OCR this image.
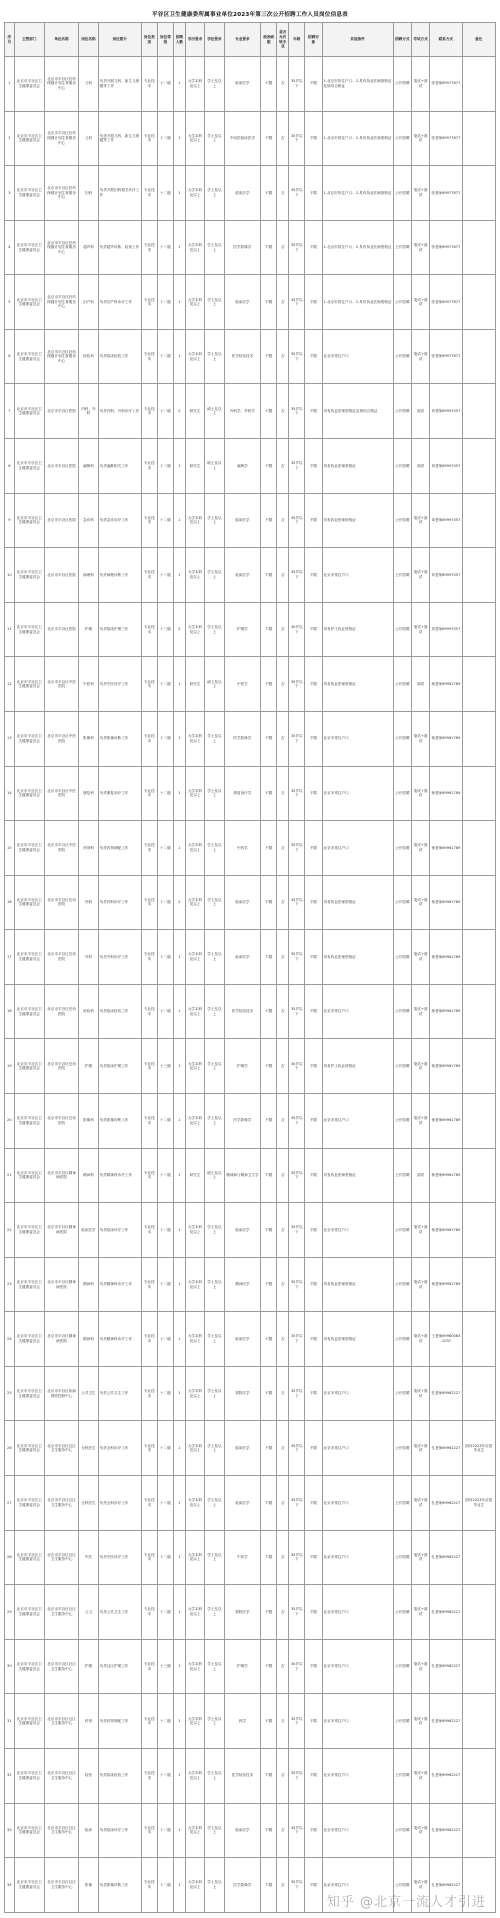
平谷区卫生健康委所属事业单位2023年第三次公开招聘工作人员岗位信息表
序号	主管部门	单位名称	岗位名称	岗位简介	岗位类别	岗位等级	招聘人数	学历要求	学位要求	专业要求	政治面貌	是否允许转专业	年龄	招聘对象	其他条件	招聘方式	考试方式	联系方式	备注
1	北京市平谷区卫生健康委员会	北京市平谷区妇幼保健计划生育服务中心	儿科	负责开展儿科、新生儿保健等工作	专业技术	十二级	1	大学本科及以上	学士及以上	临床医学	不限	否	35岁以下	不限	1.北京市常住户口；2.具有执业医师资格证及规培合格证	公开招聘	笔试+面试	张老师69977877	
2	北京市平谷区卫生健康委员会	北京市平谷区妇幼保健计划生育服务中心	儿科	负责开展儿科、新生儿保健等工作	专业技术	十二级	1	大学本科及以上	学士及以上	中西医临床医学	不限	否	35岁以下	不限	1.北京市常住户口；2.具有执业医师资格证	公开招聘	笔试+面试	张老师69977877	
3	北京市平谷区卫生健康委员会	北京市平谷区妇幼保健计划生育服务中心	妇科	负责开展妇科相关诊疗工作	专业技术	十二级	1	大学本科及以上	学士及以上	临床医学	不限	否	35岁以下	不限	1.北京市常住户口；2.具有执业医师资格证	公开招聘	笔试+面试	张老师69977877	
4	北京市平谷区卫生健康委员会	北京市平谷区妇幼保健计划生育服务中心	超声科	负责超声诊断、检查工作	专业技术	十二级	1	大学本科及以上	学士及以上	医学影像学	不限	否	35岁以下	不限	1.北京市常住户口；2.具有执业医师资格证	公开招聘	笔试+面试	张老师69977877	
5	北京市平谷区卫生健康委员会	北京市平谷区妇幼保健计划生育服务中心	妇产科	负责妇产科诊疗工作	专业技术	十二级	1	大学本科及以上	学士及以上	临床医学	不限	否	35岁以下	不限	1.北京市常住户口；2.具有执业医师资格证	公开招聘	笔试+面试	张老师69977877	
6	北京市平谷区卫生健康委员会	北京市平谷区妇幼保健计划生育服务中心	检验科	负责临床检验工作	专业技术	十二级	1	大学本科及以上	学士及以上	医学检验技术	不限	否	35岁以下	不限	北京市常住户口	公开招聘	笔试+面试	张老师69977877	
7	北京市平谷区卫生健康委员会	北京市平谷区医院	内科、外科	负责内科、外科诊疗工作	专业技术	十二级	2	研究生	硕士及以上	内科学、外科学	不限	否	35岁以下	不限	具有执业医师资格证及规培合格证	公开招聘	面试	刘老师89997057	
8	北京市平谷区卫生健康委员会	北京市平谷区医院	麻醉科	负责麻醉相关工作	专业技术	十二级	1	研究生	硕士及以上	麻醉学	不限	否	35岁以下	不限	具有执业医师资格证	公开招聘	面试	刘老师89997057	
9	北京市平谷区卫生健康委员会	北京市平谷区医院	急诊科	负责急诊诊疗工作	专业技术	十二级	1	大学本科及以上	学士及以上	临床医学	不限	否	35岁以下	不限	具有执业医师资格证	公开招聘	笔试+面试	刘老师89997057	
10	北京市平谷区卫生健康委员会	北京市平谷区医院	病理科	负责病理诊断工作	专业技术	十二级	1	大学本科及以上	学士及以上	临床医学	不限	否	35岁以下	不限	北京市常住户口	公开招聘	笔试+面试	刘老师89997057	
11	北京市平谷区卫生健康委员会	北京市平谷区医院	护理	负责临床护理工作	专业技术	十三级	2	大学本科及以上	学士及以上	护理学	不限	否	30岁以下	不限	具有护士执业资格证	公开招聘	笔试+面试	刘老师89997057	
12	北京市平谷区卫生健康委员会	北京市平谷区中医医院	中医科	负责中医诊疗工作	专业技术	十二级	1	研究生	硕士及以上	中医学	不限	否	35岁以下	不限	具有执业医师资格证	公开招聘	面试	杨老师69961789	
13	北京市平谷区卫生健康委员会	北京市平谷区中医医院	影像科	负责影像诊断工作	专业技术	十二级	1	大学本科及以上	学士及以上	医学影像学	不限	否	35岁以下	不限	北京市常住户口	公开招聘	笔试+面试	杨老师69961789	
14	北京市平谷区卫生健康委员会	北京市平谷区中医医院	康复科	负责康复治疗工作	专业技术	十二级	1	大学本科及以上	学士及以上	康复治疗学	不限	否	35岁以下	不限	北京市常住户口	公开招聘	笔试+面试	杨老师69961789	
15	北京市平谷区卫生健康委员会	北京市平谷区中医医院	药剂科	负责药剂调配工作	专业技术	十二级	1	大学本科及以上	学士及以上	中药学	不限	否	35岁以下	不限	北京市常住户口	公开招聘	笔试+面试	杨老师69961789	
16	北京市平谷区卫生健康委员会	北京市平谷区岳协医院	内科	负责内科诊疗工作	专业技术	十二级	2	大学本科及以上	学士及以上	临床医学	不限	否	35岁以下	不限	具有执业医师资格证	公开招聘	笔试+面试	杨老师69961789	
17	北京市平谷区卫生健康委员会	北京市平谷区岳协医院	外科	负责外科诊疗工作	专业技术	十二级	1	大学本科及以上	学士及以上	临床医学	不限	否	35岁以下	不限	具有执业医师资格证	公开招聘	笔试+面试	杨老师69961789	
18	北京市平谷区卫生健康委员会	北京市平谷区岳协医院	检验科	负责临床检验工作	专业技术	十二级	1	大学本科及以上	学士及以上	医学检验技术	不限	否	35岁以下	不限	北京市常住户口	公开招聘	笔试+面试	杨老师69961789	
19	北京市平谷区卫生健康委员会	北京市平谷区岳协医院	护理	负责临床护理工作	专业技术	十三级	1	大学本科及以上	学士及以上	护理学	不限	否	30岁以下	不限	具有护士执业资格证	公开招聘	笔试+面试	杨老师69961789	
20	北京市平谷区卫生健康委员会	北京市平谷区岳协医院	影像科	负责影像诊断工作	专业技术	十二级	1	大学本科及以上	学士及以上	医学影像学	不限	否	35岁以下	不限	北京市常住户口	公开招聘	笔试+面试	杨老师69961789	
21	北京市平谷区卫生健康委员会	北京市平谷区精神病医院	精神科	负责精神科诊疗工作	专业技术	十二级	1	研究生	硕士及以上	精神病与精神卫生学	不限	否	35岁以下	不限	具有执业医师资格证	公开招聘	面试	杨老师69961789	
22	北京市平谷区卫生健康委员会	北京市平谷区精神病医院	临床医学	负责临床诊疗工作	专业技术	十二级	1	大学本科及以上	学士及以上	临床医学	不限	否	35岁以下	不限	北京市常住户口	公开招聘	笔试+面试	杨老师69961789	
23	北京市平谷区卫生健康委员会	北京市平谷区精神病医院	精神科	负责精神科诊疗工作	专业技术	十二级	1	大学本科及以上	学士及以上	精神医学	不限	否	35岁以下	不限	具有执业医师资格证	公开招聘	笔试+面试	杨老师69961789	
24	北京市平谷区卫生健康委员会	北京市平谷区精神病医院	精神科	负责精神科诊疗工作	专业技术	十二级	1	大学本科及以上	学士及以上	临床医学	不限	否	35岁以下	不限	具有执业医师资格证	公开招聘	笔试+面试	王老师69960063-1037	
25	北京市平谷区卫生健康委员会	北京市平谷区疾病预防控制中心	公共卫生	负责公共卫生工作	专业技术	十二级	1	大学本科及以上	学士及以上	预防医学	不限	否	35岁以下	不限	北京市常住户口	公开招聘	笔试+面试	孔老师69962227	
26	北京市平谷区卫生健康委员会	北京市平谷区社区卫生服务中心	全科医生	负责全科诊疗工作	专业技术	十二级	1	大学本科及以上	学士及以上	临床医学	不限	否	35岁以下	不限	北京市常住户口	公开招聘	笔试+面试	孔老师69962227	面向2023年应届毕业生
27	北京市平谷区卫生健康委员会	北京市平谷区社区卫生服务中心	全科医生	负责全科诊疗工作	专业技术	十二级	1	大学本科及以上	学士及以上	临床医学	不限	否	35岁以下	不限	北京市常住户口	公开招聘	笔试+面试	孔老师69962227	面向2023年应届毕业生
28	北京市平谷区卫生健康委员会	北京市平谷区社区卫生服务中心	中医	负责中医诊疗工作	专业技术	十二级	1	大学本科及以上	学士及以上	中医学	不限	否	35岁以下	不限	北京市常住户口	公开招聘	笔试+面试	孔老师69962227	
29	北京市平谷区卫生健康委员会	北京市平谷区社区卫生服务中心	公卫	负责公共卫生工作	专业技术	十二级	1	大学本科及以上	学士及以上	预防医学	不限	否	35岁以下	不限	北京市常住户口	公开招聘	笔试+面试	孔老师69962227	
30	北京市平谷区卫生健康委员会	北京市平谷区社区卫生服务中心	护理	负责社区护理工作	专业技术	十三级	1	大学本科及以上	学士及以上	护理学	不限	否	30岁以下	不限	北京市常住户口	公开招聘	笔试+面试	孔老师69962227	
31	北京市平谷区卫生健康委员会	北京市平谷区社区卫生服务中心	药剂	负责药剂调配工作	专业技术	十二级	1	大学本科及以上	学士及以上	药学	不限	否	35岁以下	不限	北京市常住户口	公开招聘	笔试+面试	孔老师69962227	
32	北京市平谷区卫生健康委员会	北京市平谷区社区卫生服务中心	检验	负责临床检验工作	专业技术	十二级	1	大学本科及以上	学士及以上	医学检验技术	不限	否	35岁以下	不限	北京市常住户口	公开招聘	笔试+面试	孔老师69962227	
33	北京市平谷区卫生健康委员会	北京市平谷区社区卫生服务中心	临床	负责临床诊疗工作	专业技术	十二级	1	大学本科及以上	学士及以上	临床医学	不限	否	35岁以下	不限	北京市常住户口	公开招聘	笔试+面试	孔老师69962227	
34	北京市平谷区卫生健康委员会	北京市平谷区社区卫生服务中心	影像	负责影像诊断工作	专业技术	十二级	1	大学本科及以上	学士及以上	医学影像学	不限	否	35岁以下	不限	北京市常住户口	公开招聘	笔试+面试	孔老师69962227	
知乎 @北京一流人才引进
